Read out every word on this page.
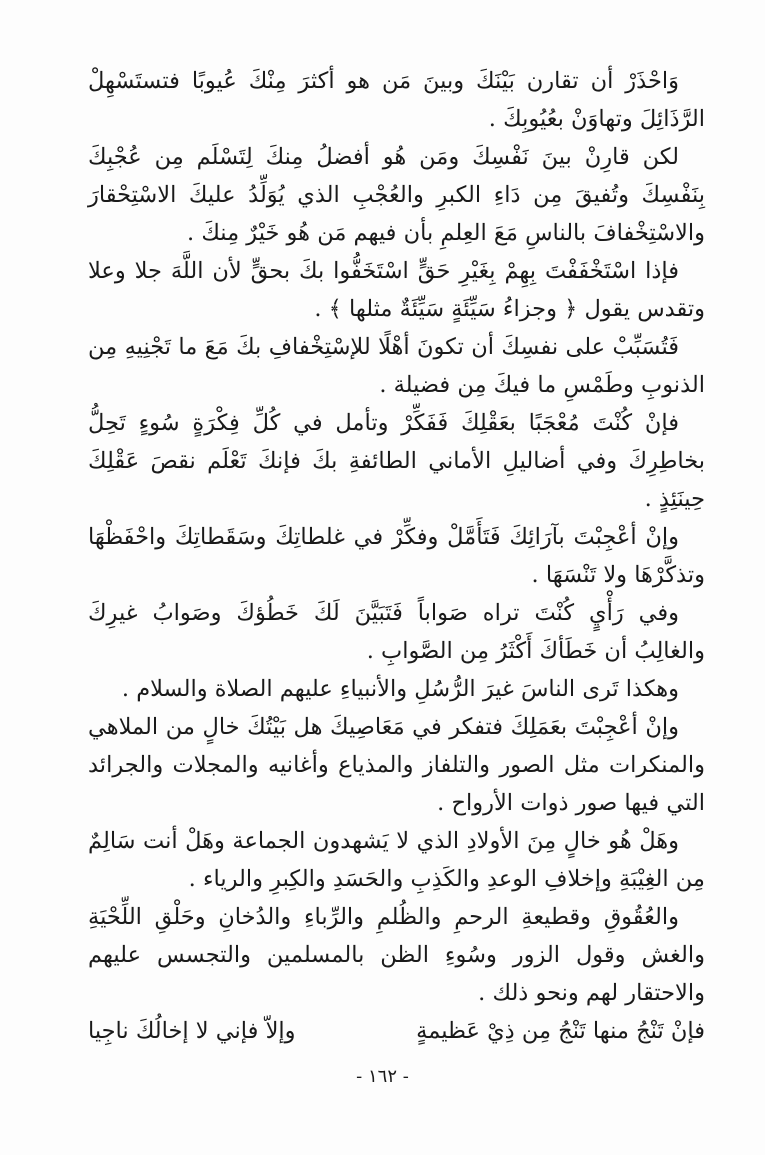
وَاحْذَرْ أن تقارن بَيْنَكَ وبينَ مَن هو أكثرَ مِنْكَ عُيوبًا فتستَسْهِلْ الرَّذَائِلَ وتهاوَنْ بعُيُوبِكَ .

لكن قارِنْ بينَ نَفْسِكَ ومَن هُو أفضلُ مِنكَ لِتَسْلَم مِن عُجْبِكَ بِنَفْسِكَ وتُفيقَ مِن دَاءِ الكبرِ والعُجْبِ الذي يُوَلِّدُ عليكَ الاسْتِحْقارَ والاسْتِخْفافَ بالناسِ مَعَ العِلمِ بأن فيهم مَن هُو خَيْرٌ مِنكَ .

فإذا اسْتَخْفَفْتَ بِهِمْ بِغَيْرِ حَقٍّ اسْتَخَفُّوا بكَ بحقٍّ لأن اللَّهَ جلا وعلا وتقدس يقول ﴿ وجزاءُ سَيِّئَةٍ سَيِّئَةٌ مثلها ﴾ .

فَتُسَبِّبْ على نفسِكَ أن تكونَ أهْلًا للإسْتِخْفافِ بكَ مَعَ ما تَجْنِيهِ مِن الذنوبِ وطَمْسِ ما فيكَ مِن فضيلة .

فإنْ كُنْتَ مُعْجَبًا بعَقْلِكَ فَفَكِّرْ وتأمل في كُلِّ فِكْرَةٍ سُوءٍ تَحِلُّ بخاطِرِكَ وفي أضاليلِ الأماني الطائفةِ بكَ فإنكَ تَعْلَم نقصَ عَقْلِكَ حِينَئِذٍ .

وإنْ أعْجِبْتَ بآرَائِكَ فَتَأَمَّلْ وفكِّرْ في غلطاتِكَ وسَقَطاتِكَ واحْفَظْهَا وتذكَّرْهَا ولا تَنْسَهَا .

وفي رَأْيٍ كُنْتَ تراه صَواباً فَتَبَيَّنَ لَكَ خَطُؤكَ وصَوابُ غيرِكَ والغالِبُ أن خَطَأكَ أَكْثَرُ مِن الصَّوابِ .

وهكذا تَرى الناسَ غيرَ الرُّسُلِ والأنبياءِ عليهم الصلاة والسلام .

وإنْ أعْجِبْتَ بعَمَلِكَ فتفكر في مَعَاصِيكَ هل بَيْتُكَ خالٍ من الملاهي والمنكرات مثل الصور والتلفاز والمذياع وأغانيه والمجلات والجرائد التي فيها صور ذوات الأرواح .

وهَلْ هُو خالٍ مِنَ الأولادِ الذي لا يَشهدون الجماعة وهَلْ أنت سَالِمٌ مِن الغِيْبَةِ وإخلافِ الوعدِ والكَذِبِ والحَسَدِ والكِبرِ والرياء .

والعُقُوقِ وقطيعةِ الرحمِ والظُلمِ والرِّباءِ والدُخانِ وحَلْقِ اللِّحْيَةِ والغش وقول الزور وسُوءِ الظن بالمسلمين والتجسس عليهم والاحتقار لهم ونحو ذلك .

فإنْ تَنْجُ منها تَنْجُ مِن ذِيْ عَظيمةٍ
وإلاّ فإني لا إخالُكَ ناجِيا
- ١٦٢ -
